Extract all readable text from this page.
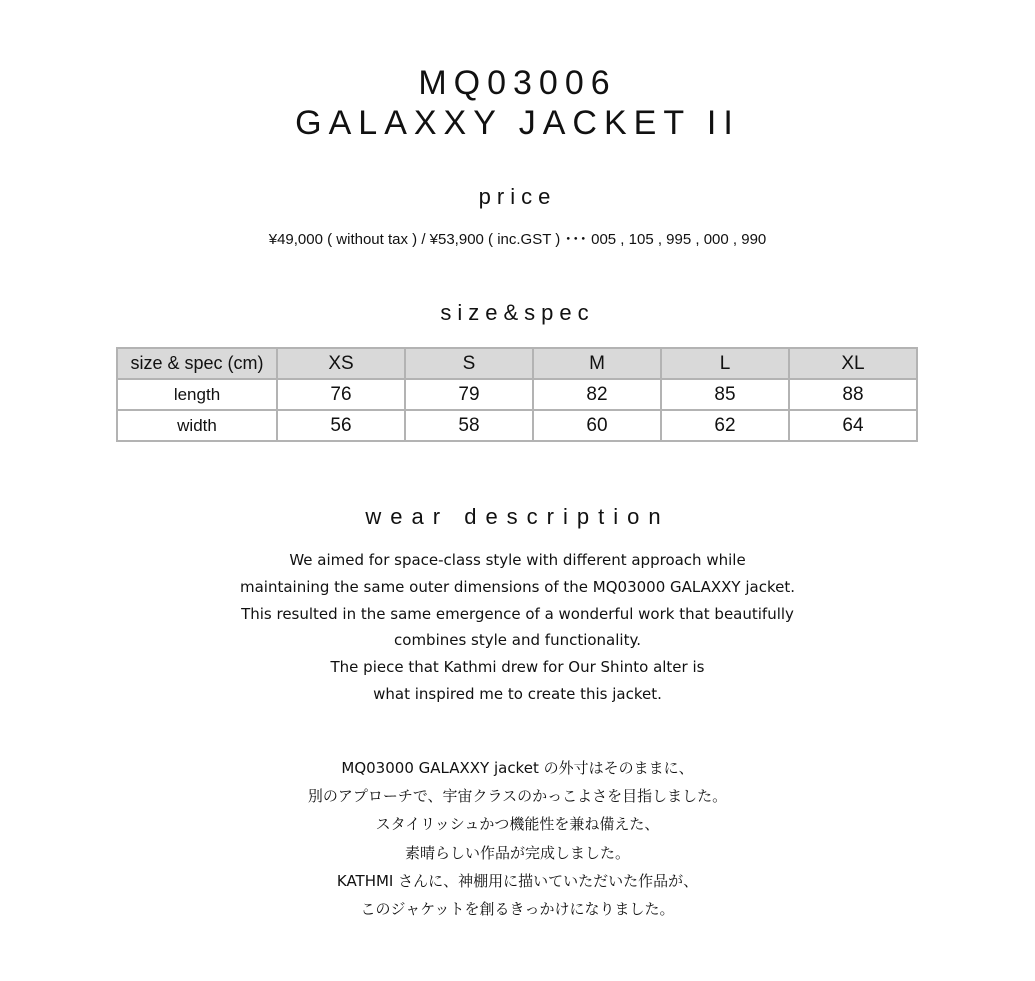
MQ03006
GALAXXY JACKET II
price
¥49,000 ( without tax ) / ¥53,900 ( inc.GST ) ･･･ 005 , 105 , 995 , 000 , 990
size&spec
size & spec (cm)	XS	S	M	L	XL
length	76	79	82	85	88
width	56	58	60	62	64
wear description
We aimed for space-class style with different approach while
maintaining the same outer dimensions of the MQ03000 GALAXXY jacket.
This resulted in the same emergence of a wonderful work that beautifully
combines style and functionality.
The piece that Kathmi drew for Our Shinto alter is
what inspired me to create this jacket.
MQ03000 GALAXXY jacket の外寸はそのままに、
別のアプローチで、宇宙クラスのかっこよさを目指しました。
スタイリッシュかつ機能性を兼ね備えた、
素晴らしい作品が完成しました。
KATHMI さんに、神棚用に描いていただいた作品が、
このジャケットを創るきっかけになりました。
